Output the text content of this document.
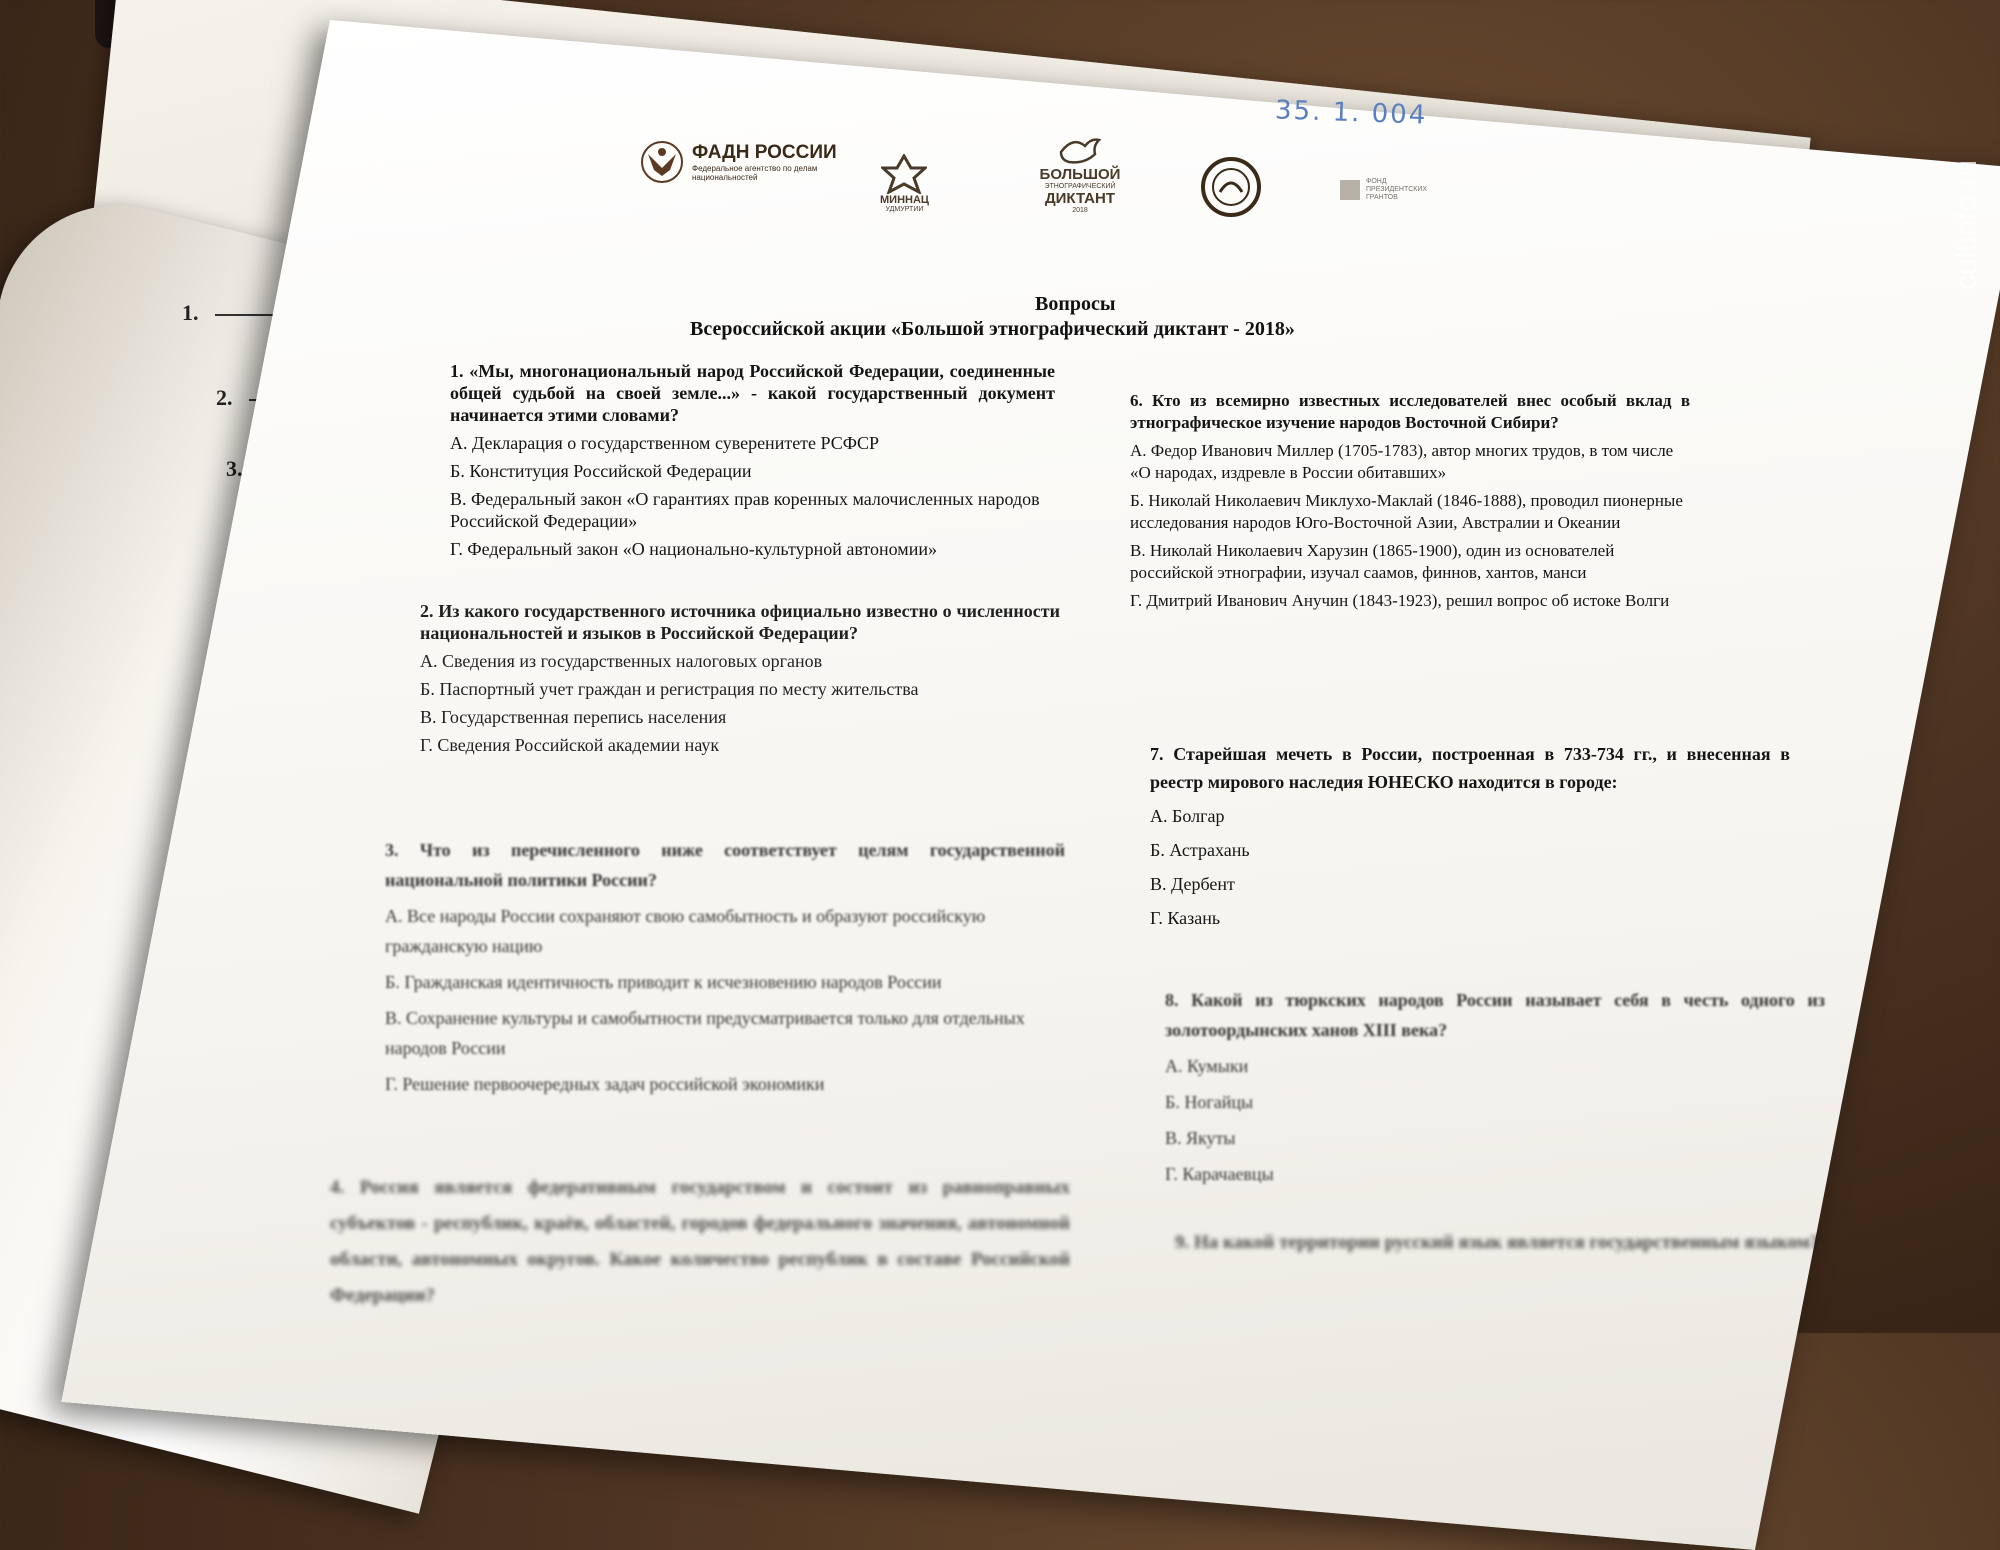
1.
2.
3.
35. 1. 004
ФАДН РОССИИ
Федеральное агентство по делам национальностей
МИННАЦ
УДМУРТИИ
БОЛЬШОЙ
ЭТНОГРАФИЧЕСКИЙ
ДИКТАНТ
2018
ФОНД
ПРЕЗИДЕНТСКИХ
ГРАНТОВ
Вопросы
Всероссийской акции «Большой этнографический диктант - 2018»
1. «Мы, многонациональный народ Российской Федерации, соединенные общей судьбой на своей земле...» - какой государственный документ начинается этими словами?
А. Декларация о государственном суверенитете РСФСР
Б. Конституция Российской Федерации
В. Федеральный закон «О гарантиях прав коренных малочисленных народов Российской Федерации»
Г. Федеральный закон «О национально-культурной автономии»
2. Из какого государственного источника официально известно о численности национальностей и языков в Российской Федерации?
А. Сведения из государственных налоговых органов
Б. Паспортный учет граждан и регистрация по месту жительства
В. Государственная перепись населения
Г. Сведения Российской академии наук
3. Что из перечисленного ниже соответствует целям государственной национальной политики России?
А. Все народы России сохраняют свою самобытность и образуют российскую гражданскую нацию
Б. Гражданская идентичность приводит к исчезновению народов России
В. Сохранение культуры и самобытности предусматривается только для отдельных народов России
Г. Решение первоочередных задач российской экономики
4. Россия является федеративным государством и состоит из равноправных субъектов - республик, краёв, областей, городов федерального значения, автономной области, автономных округов. Какое количество республик в составе Российской Федерации?
6. Кто из всемирно известных исследователей внес особый вклад в этнографическое изучение народов Восточной Сибири?
А. Федор Иванович Миллер (1705-1783), автор многих трудов, в том числе «О народах, издревле в России обитавших»
Б. Николай Николаевич Миклухо-Маклай (1846-1888), проводил пионерные исследования народов Юго-Восточной Азии, Австралии и Океании
В. Николай Николаевич Харузин (1865-1900), один из основателей российской этнографии, изучал саамов, финнов, хантов, манси
Г. Дмитрий Иванович Анучин (1843-1923), решил вопрос об истоке Волги
7. Старейшая мечеть в России, построенная в 733-734 гг., и внесенная в реестр мирового наследия ЮНЕСКО находится в городе:
А. Болгар
Б. Астрахань
В. Дербент
Г. Казань
8. Какой из тюркских народов России называет себя в честь одного из золотоордынских ханов XIII века?
А. Кумыки
Б. Ногайцы
В. Якуты
Г. Карачаевцы
9. На какой территории русский язык является государственным языком?
cultinfo.ru
